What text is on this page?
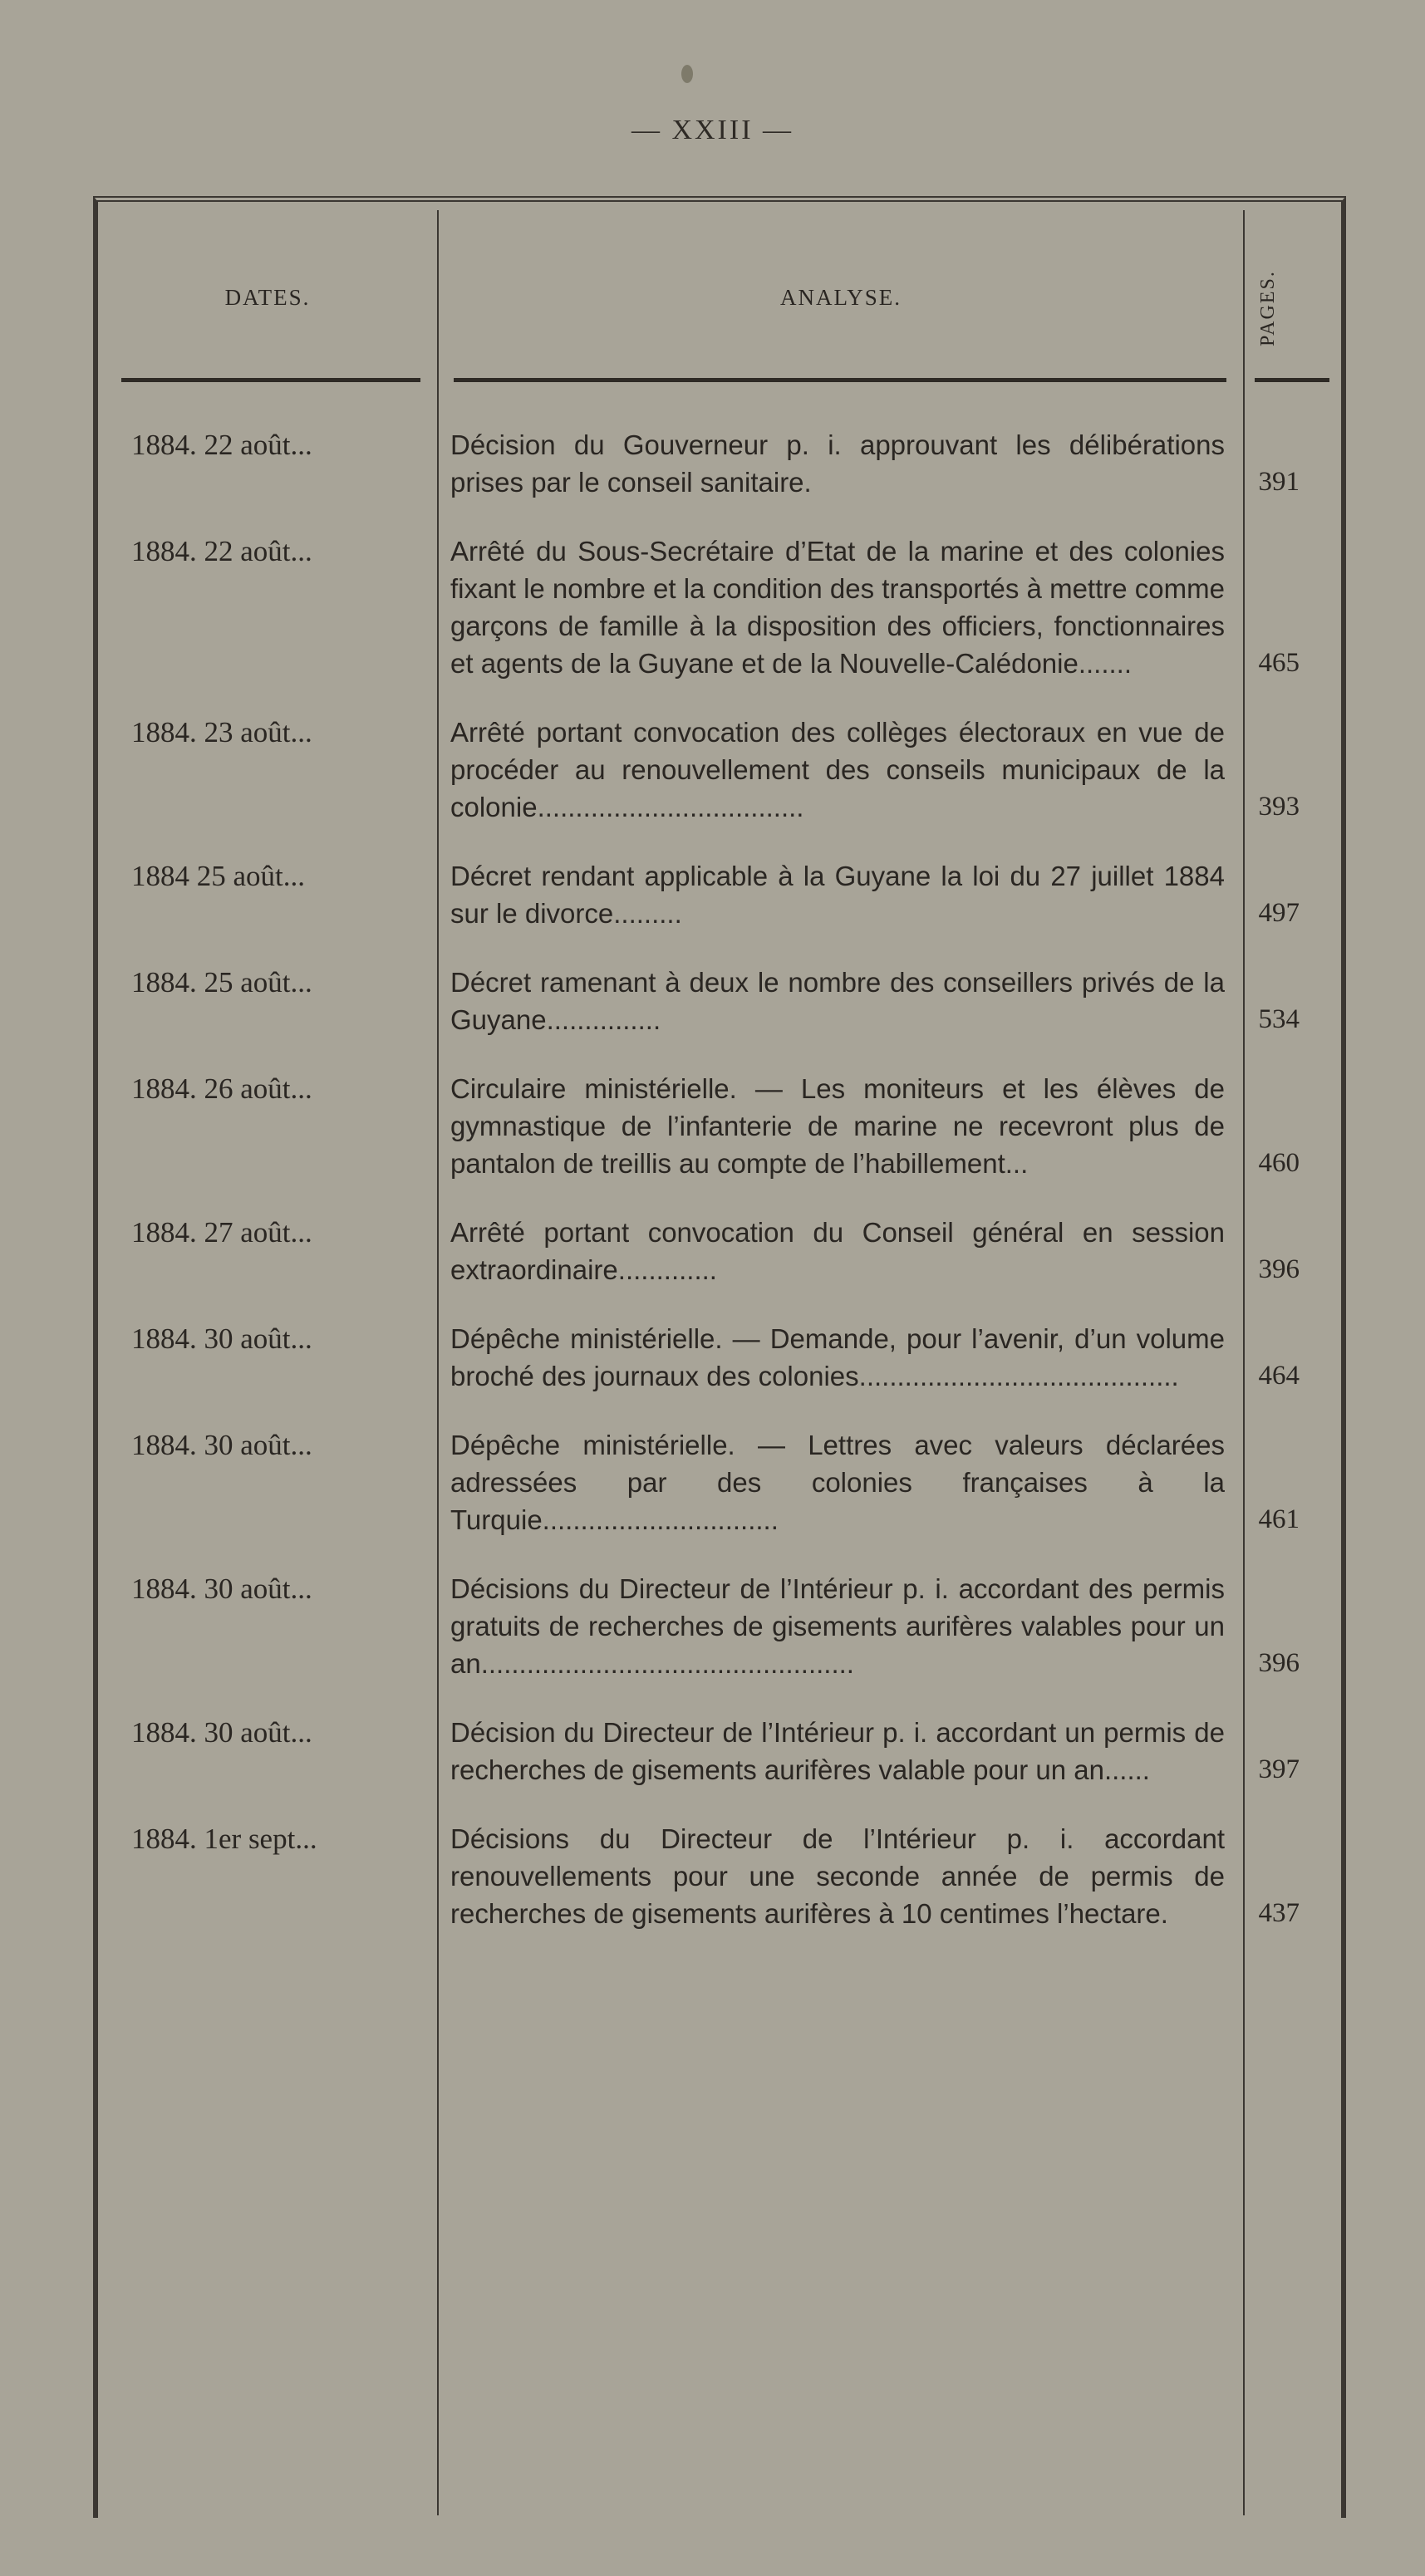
— XXIII —
DATES.	ANALYSE.	PAGES.
1884. 22 août...	Décision du Gouverneur p. i. approuvant les délibérations prises par le conseil sanitaire.	391
1884. 22 août...	Arrêté du Sous-Secrétaire d’Etat de la marine et des colonies fixant le nombre et la condition des transportés à mettre comme garçons de famille à la disposition des officiers, fonctionnaires et agents de la Guyane et de la Nouvelle-Calédonie.......	465
1884. 23 août...	Arrêté portant convocation des collèges électoraux en vue de procéder au renouvellement des conseils municipaux de la colonie...................................	393
1884 25 août...	Décret rendant applicable à la Guyane la loi du 27 juillet 1884 sur le divorce.........	497
1884. 25 août...	Décret ramenant à deux le nombre des conseillers privés de la Guyane...............	534
1884. 26 août...	Circulaire ministérielle. — Les moniteurs et les élèves de gymnastique de l’infanterie de marine ne recevront plus de pantalon de treillis au compte de l’habillement...	460
1884. 27 août...	Arrêté portant convocation du Conseil général en session extraordinaire.............	396
1884. 30 août...	Dépêche ministérielle. — Demande, pour l’avenir, d’un volume broché des journaux des colonies..........................................	464
1884. 30 août...	Dépêche ministérielle. — Lettres avec valeurs déclarées adressées par des colonies françaises à la Turquie...............................	461
1884. 30 août...	Décisions du Directeur de l’Intérieur p. i. accordant des permis gratuits de recherches de gisements aurifères valables pour un an.................................................	396
1884. 30 août...	Décision du Directeur de l’Intérieur p. i. accordant un permis de recherches de gisements aurifères valable pour un an......	397
1884. 1er sept...	Décisions du Directeur de l’Intérieur p. i. accordant renouvellements pour une seconde année de permis de recherches de gisements aurifères à 10 centimes l’hectare.	437
